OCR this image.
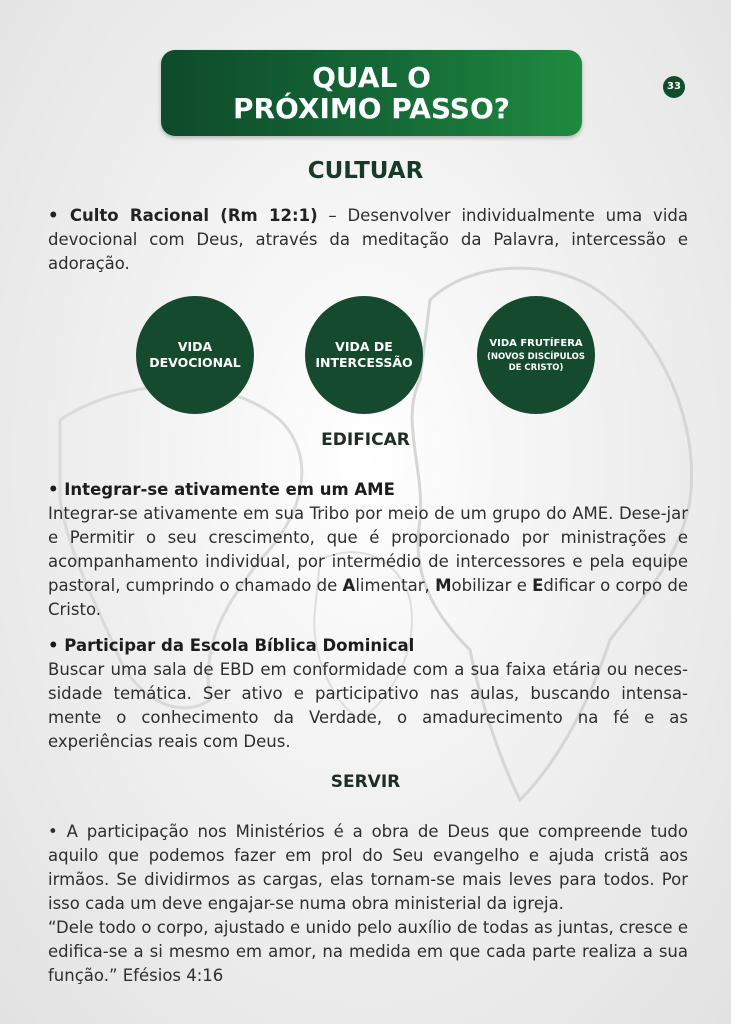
QUAL O
PRÓXIMO PASSO?
33
CULTUAR
• Culto Racional (Rm 12:1) – Desenvolver individualmente uma vida devocional com Deus, através da meditação da Palavra, intercessão e adoração.
VIDA
DEVOCIONAL
VIDA DE
INTERCESSÃO
VIDA FRUTÍFERA
(NOVOS DISCÍPULOS
DE CRISTO)
EDIFICAR
• Integrar-se ativamente em um AME
Integrar-se ativamente em sua Tribo por meio de um grupo do AME. Dese-jar e Permitir o seu crescimento, que é proporcionado por ministrações e acompanhamento individual, por intermédio de intercessores e pela equipe pastoral, cumprindo o chamado de Alimentar, Mobilizar e Edificar o corpo de Cristo.
• Participar da Escola Bíblica Dominical
Buscar uma sala de EBD em conformidade com a sua faixa etária ou neces-sidade temática. Ser ativo e participativo nas aulas, buscando intensa-mente o conhecimento da Verdade, o amadurecimento na fé e as experiências reais com Deus.
SERVIR
• A participação nos Ministérios é a obra de Deus que compreende tudo aquilo que podemos fazer em prol do Seu evangelho e ajuda cristã aos irmãos. Se dividirmos as cargas, elas tornam-se mais leves para todos. Por isso cada um deve engajar-se numa obra ministerial da igreja.
“Dele todo o corpo, ajustado e unido pelo auxílio de todas as juntas, cresce e edifica-se a si mesmo em amor, na medida em que cada parte realiza a sua função.” Efésios 4:16
